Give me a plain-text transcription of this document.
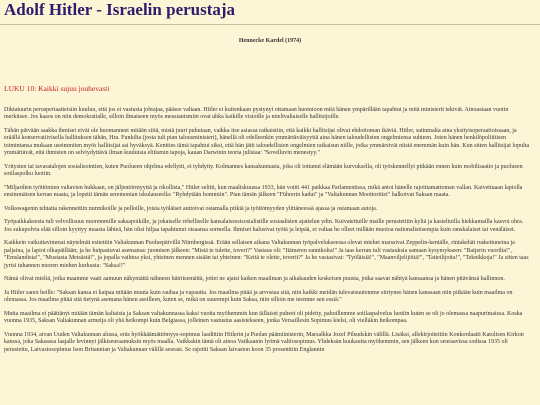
Adolf Hitler - Israelin perustaja
Hennecke Kardel (1974)
LUKU 10: Kaikki sujuu jouhevasti

Diktatuurin perusperiaatteisiin kuuluu, että jos ei vastusta johtajaa, pääsee valtaan. Hitler ei kuitenkaan pystynyt ottamaan huomioon mitä hänen ympärillään tapahtui ja mitä ministerit tekivät. Ainoastaan vuotin merkitsee. Jos kaaos on niin demokratialle, silloin ilmaiseen myös messianismiin ovat uhka kaikille visioille ja mielivaltaiselle hallitsijoille.

Tähän päivään saakka ihmiset eivät ole huomanneet mitään siitä, mistä juuri puhutaan, vaikka itse asiassa ratkaistiin, että kaikki hallitsijat olivat ehdottoman ikäviä. Hitler, sattumalta aina yksityisoperaatioissaan, ja eräällä konservatiivisella hallituksen tähän, Hra. Funkilta (josta tuli pian talousministeri), hänellä oli edelleenkin ymmärtäväisyyttä aina hänen taloudellisten ongelmiensa suhteen. Joten hänen henkilöpoliittisen toimintansa mukaan useimmiten myös hallitsijat sai hyväksyä. Kentties tämä tapahtui siksi, että hän jätti taloudellisten ongelmien ratkaisun niille, jotka ymmärsivät niistä enemmän kuin hän. Kun sitten hallitsijat lopulta ymmärtävät, että ihmisten on selviydyttävä ilman kuuluisia elitismin tapoja, kauan Darwinin teoria julistaa: "Sovelluvin menestyy."

Yritysten tai tavaratalojen sosialisointien, kuten Puolueen ohjelma edellytti, ei tyhdytty. Kolmannes kansakunnasta, joka oli tottunut elämään kurvuksella, oli työskennellyt pitkään ennen kuin mobilisaatio ja puolueen sotilaspolku luotiin.

"Miljardien työttömien valtavien hukkaan, on jäljentörmyyttä ja rikollista," Hitler selitti, kun maaliskuussa 1933, hän voitti 441 paikkaa Parlamentissa, mikä antoi hänelle rajoittamattoman vallan. Kaivettuaan lapiolla ensimmäisen kerran maata, ja lopetti tämän seremonian iskulauseella: "Ryhdytään hommiin". Pian tämän jälkeen "Führerin kadut" ja "Valtakunnan Moottoritiet" halkoivat Saksan maata.

Volkswagenin tehtaita rakennettiin nurmikoille ja pelloille, joista työläiset auttoivat ostamalla pitkiä ja työttömyyden ylittäneessä ajassa ja ostamaan autoja.

Työpaikkakeesta tuli velvollisuus nuoremmille saksapoikille, ja jokaiselle rehelliselle kansalaisessisosialistille sosiaalisten ajattelun ydin. Kuivatettuille maille perustettiin kyliä ja kasteltuilla hiekkamailla kasvoi ohra. Jos sukupolvia elää silloin kyyttyy maasta lähteä, hän olisi hiljaa tapahtunut otsaansa sormella. Ihmiset halusivat työtä ja leipää, ei valtaa he olleet millään muotoa nationalistisempia kuin ranskalaiset tai venäläiset.

Kaikkein vaikuttavimmat näytelmät esitettiin Valtakunnan Puoluepäivillä Nürnbergissä. Erään sellaisen aikana Valtakunnan työpalvelukseessa olevat miehet marssivat Zeppelin-kentälle, rintakehät ruskettuneina ja paljaina, ja lapiot olkapäillään; ja he huipastuvat asemansa: juomisen jälkeen: "Mistä te tulette, toveri?" Vastaus oli: "Itämeren rannikolta!" Ja taas kerran tuli vastauksia samaan kysymykseen: "Baijerin vuorilta!", "Emslandista!", "Mustasta Metsästä!", ja jopalla vaihtoa yksi, yhteinen mennen sisään tai yhteinen: "Keitä te olette, toverit?" Ja he vastasivat: "Työläisiä!", "Maanviljelijöitä!", "Taiteilijoita!", "Teknikkoja!" Ja sitten taas jyrisi tuhannen nuoren miehen kurkusta: "Saksa!!"

Nämä olivat mieliä, jotka maamme vaati aamuun näkymättä nähneen häiritsemättä, jottei ne ajaisi kaiken maailman ja aikakauden keskeisen puusta, jotka saavat nähtyä kansaansa ja hänen pitävänsä hallinnon.

Ja Hitler sanoi heille: "Saksan kansa ei kaipaa mitään muuta kuin rauhaa ja vapautta. Jos maailma pitää ja arvostaa sitä, niin kaikki meidän tulevaisuutemme siirtynee hänen kanssaan niin pitkään kuin maailma on olemassa. Jos maailma pitää sitä tietynä asemana hänen aseilleen, kuten se, mikä on suurempi kuin Saksa, niin silloin me teemme sen essiä."

Mutta maailma ei päättänyt mitään tämän kaltaista ja Saksan valtakunnassa kaksi vuotta myöhemmin kun tällaiset puheet oli pidetty, pahoillemme sotilaspalvelus luotiin kuten se oli jo olemassa naapurimaissa. Koska vuonna 1935, Saksan Valtakunnan armeija oli yhä heikompi kuin Belgiassa, jolleinen vastustus aasistekseen, jonka Versaillesin Sopimus kielsi, oli vielläkin heikompaa.

Vuonna 1934, aivan Uuden Valtakunnan alussa, eräs hyökkäämättömyys-sopimus laadittiin Hitlerin ja Puolan päämiinisterin, Marsalkka Jozef Pilsudskin välillä. Lisäksi, allekirjoitettiin Konkordaatti Katolisen Kirkon kanssa, joka Saksassa laajalle levinnyt jälkiseuraamuksin myös maalla. Vaikkakin tämä oli ainoa Vatikaanin lyömä valtiosopimus. Yhdeksän kuukautta myöhemmin, sen jälkeen kun seuraavissa sodissa 1935 oli perustettu, Laivastosopimus Ison Britannian ja Valtakunnan välillä seurasi. Se rajoitti Saksan laivaston koon 35 prosenttiin Englannin
